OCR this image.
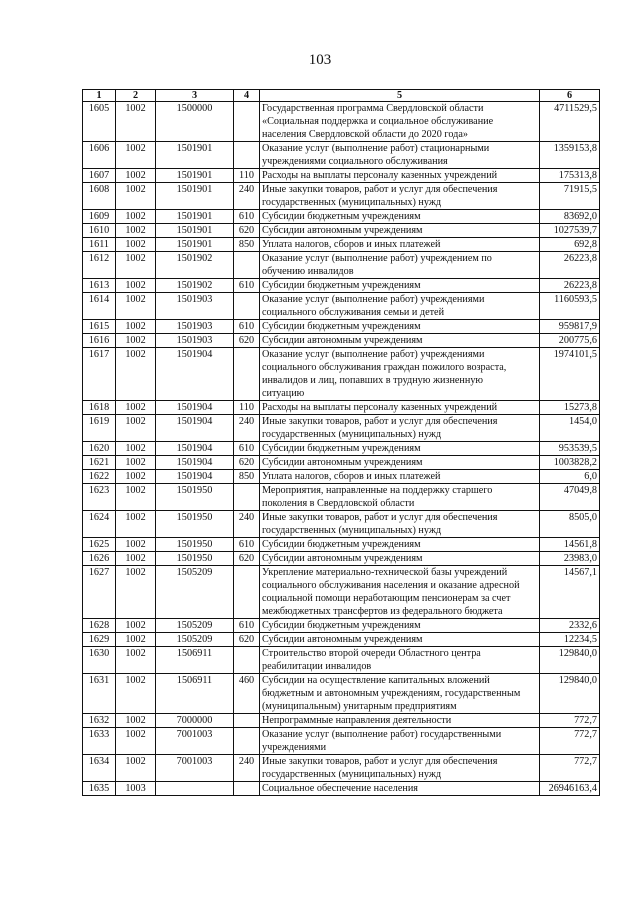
103
1	2	3	4	5	6
1605	1002	1500000		Государственная программа Свердловской области
«Социальная поддержка и социальное обслуживание
населения Свердловской области до 2020 года»	4711529,5
1606	1002	1501901		Оказание услуг (выполнение работ) стационарными
учреждениями социального обслуживания	1359153,8
1607	1002	1501901	110	Расходы на выплаты персоналу казенных учреждений	175313,8
1608	1002	1501901	240	Иные закупки товаров, работ и услуг для обеспечения
государственных (муниципальных) нужд	71915,5
1609	1002	1501901	610	Субсидии бюджетным учреждениям	83692,0
1610	1002	1501901	620	Субсидии автономным учреждениям	1027539,7
1611	1002	1501901	850	Уплата налогов, сборов и иных платежей	692,8
1612	1002	1501902		Оказание услуг (выполнение работ) учреждением по
обучению инвалидов	26223,8
1613	1002	1501902	610	Субсидии бюджетным учреждениям	26223,8
1614	1002	1501903		Оказание услуг (выполнение работ) учреждениями
социального обслуживания семьи и детей	1160593,5
1615	1002	1501903	610	Субсидии бюджетным учреждениям	959817,9
1616	1002	1501903	620	Субсидии автономным учреждениям	200775,6
1617	1002	1501904		Оказание услуг (выполнение работ) учреждениями
социального обслуживания граждан пожилого возраста,
инвалидов и лиц, попавших в трудную жизненную
ситуацию	1974101,5
1618	1002	1501904	110	Расходы на выплаты персоналу казенных учреждений	15273,8
1619	1002	1501904	240	Иные закупки товаров, работ и услуг для обеспечения
государственных (муниципальных) нужд	1454,0
1620	1002	1501904	610	Субсидии бюджетным учреждениям	953539,5
1621	1002	1501904	620	Субсидии автономным учреждениям	1003828,2
1622	1002	1501904	850	Уплата налогов, сборов и иных платежей	6,0
1623	1002	1501950		Мероприятия, направленные на поддержку старшего
поколения в Свердловской области	47049,8
1624	1002	1501950	240	Иные закупки товаров, работ и услуг для обеспечения
государственных (муниципальных) нужд	8505,0
1625	1002	1501950	610	Субсидии бюджетным учреждениям	14561,8
1626	1002	1501950	620	Субсидии автономным учреждениям	23983,0
1627	1002	1505209		Укрепление материально-технической базы учреждений
социального обслуживания населения и оказание адресной
социальной помощи неработающим пенсионерам за счет
межбюджетных трансфертов из федерального бюджета	14567,1
1628	1002	1505209	610	Субсидии бюджетным учреждениям	2332,6
1629	1002	1505209	620	Субсидии автономным учреждениям	12234,5
1630	1002	1506911		Строительство второй очереди Областного центра
реабилитации инвалидов	129840,0
1631	1002	1506911	460	Субсидии на осуществление капитальных вложений
бюджетным и автономным учреждениям, государственным
(муниципальным) унитарным предприятиям	129840,0
1632	1002	7000000		Непрограммные направления деятельности	772,7
1633	1002	7001003		Оказание услуг (выполнение работ) государственными
учреждениями	772,7
1634	1002	7001003	240	Иные закупки товаров, работ и услуг для обеспечения
государственных (муниципальных) нужд	772,7
1635	1003			Социальное обеспечение населения	26946163,4
